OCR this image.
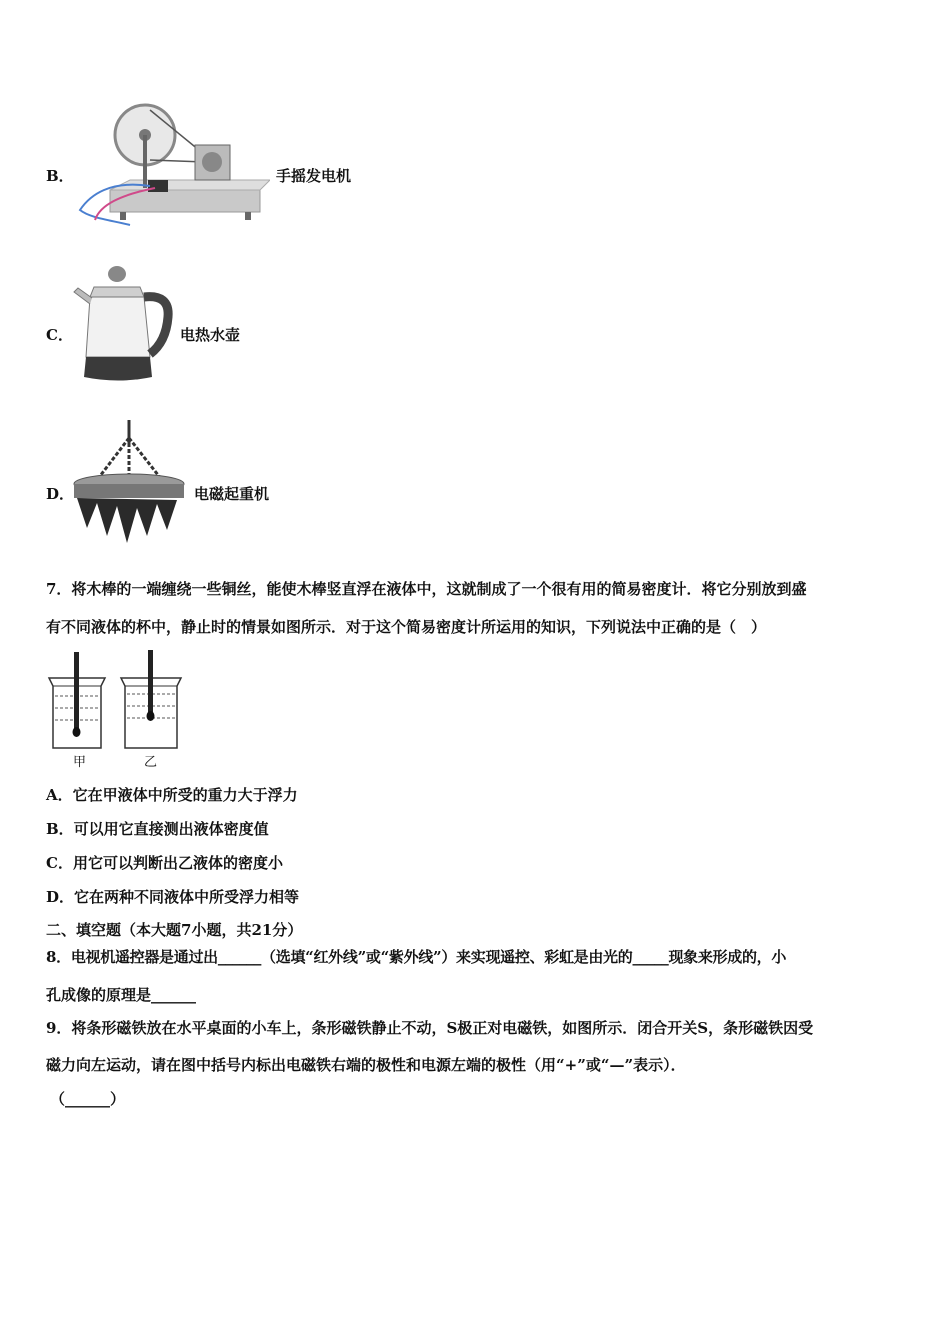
B．	手摇发电机
C．	电热水壶
D．	电磁起重机
7．将木棒的一端缠绕一些铜丝，能使木棒竖直浮在液体中，这就制成了一个很有用的简易密度计．将它分别放到盛
有不同液体的杯中，静止时的情景如图所示．对于这个简易密度计所运用的知识，下列说法中正确的是（　）
甲	乙
A．它在甲液体中所受的重力大于浮力
B．可以用它直接测出液体密度值
C．用它可以判断出乙液体的密度小
D．它在两种不同液体中所受浮力相等
二、填空题（本大题7小题，共21分）
8．电视机遥控器是通过出______（选填“红外线”或“紫外线”）来实现遥控、彩虹是由光的_____现象来形成的，小
孔成像的原理是______
9．将条形磁铁放在水平桌面的小车上，条形磁铁静止不动，S极正对电磁铁，如图所示．闭合开关S，条形磁铁因受
磁力向左运动，请在图中括号内标出电磁铁右端的极性和电源左端的极性（用“+”或“—”表示）．
（______）
